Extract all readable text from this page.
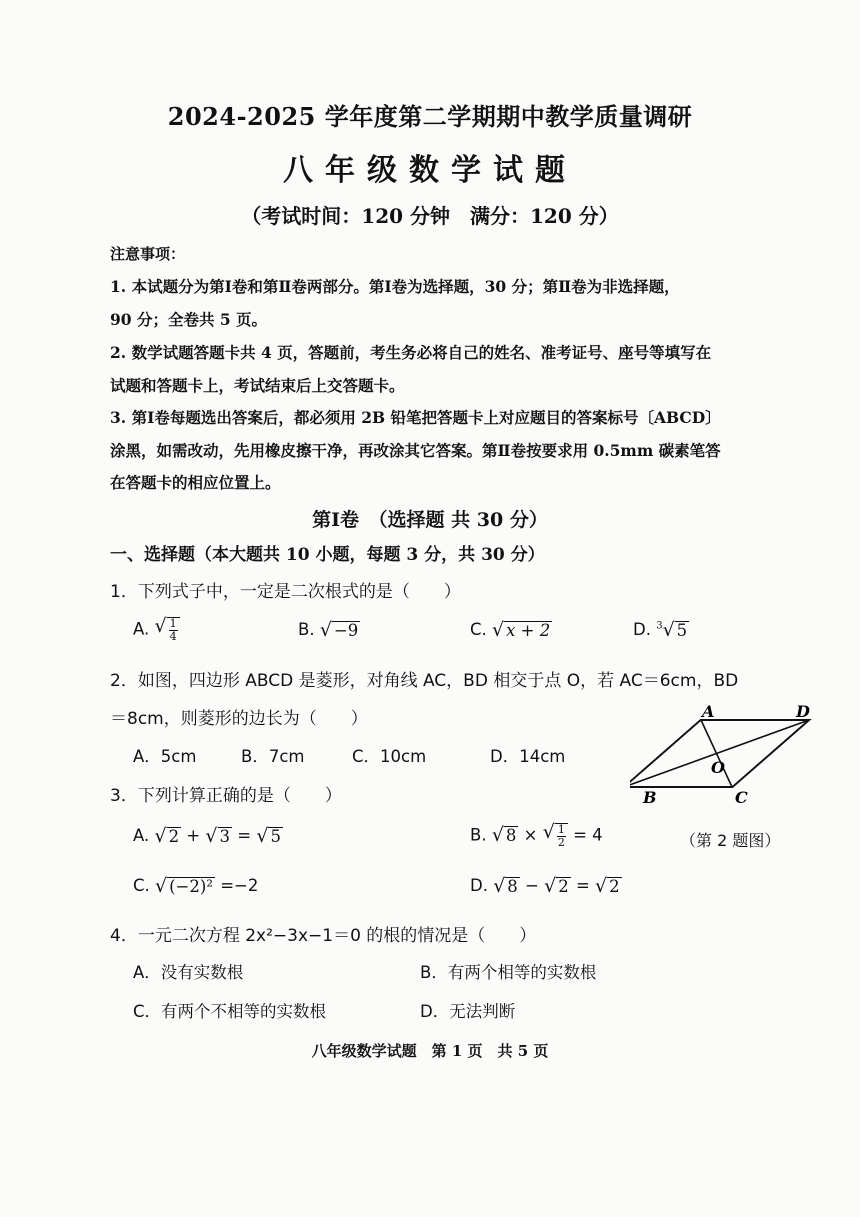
2024-2025 学年度第二学期期中教学质量调研
八年级数学试题
（考试时间：120 分钟　满分：120 分）
注意事项：
1. 本试题分为第Ⅰ卷和第Ⅱ卷两部分。第Ⅰ卷为选择题，30 分；第Ⅱ卷为非选择题，
90 分；全卷共 5 页。
2. 数学试题答题卡共 4 页，答题前，考生务必将自己的姓名、准考证号、座号等填写在
试题和答题卡上，考试结束后上交答题卡。
3. 第Ⅰ卷每题选出答案后，都必须用 2B 铅笔把答题卡上对应题目的答案标号〔ABCD〕
涂黑，如需改动，先用橡皮擦干净，再改涂其它答案。第Ⅱ卷按要求用 0.5mm 碳素笔答
在答题卡的相应位置上。
第Ⅰ卷　（选择题 共 30 分）
一、选择题（本大题共 10 小题，每题 3 分，共 30 分）
1．下列式子中，一定是二次根式的是（　　）
A. √ $\frac{1}{4}$	B. √ −9	C. √ x + 2	D. $^3$ √ 5
2．如图，四边形 ABCD 是菱形，对角线 AC，BD 相交于点 O，若 AC＝6cm，BD
＝8cm，则菱形的边长为（　　）
A．5cm	B．7cm	C．10cm	D．14cm
A	D
O
B	C
3．下列计算正确的是（　　）
A. √ 2 + √ 3 = √ 5	B. √ 8 × √ $\frac{1}{2} = 4$	（第 2 题图）
C. √ (−2)² =−2	D. √ 8 − √ 2 = √ 2
4．一元二次方程 2x²−3x−1＝0 的根的情况是（　　）
A．没有实数根	B．有两个相等的实数根
C．有两个不相等的实数根	D．无法判断
八年级数学试题　第 1 页　共 5 页
